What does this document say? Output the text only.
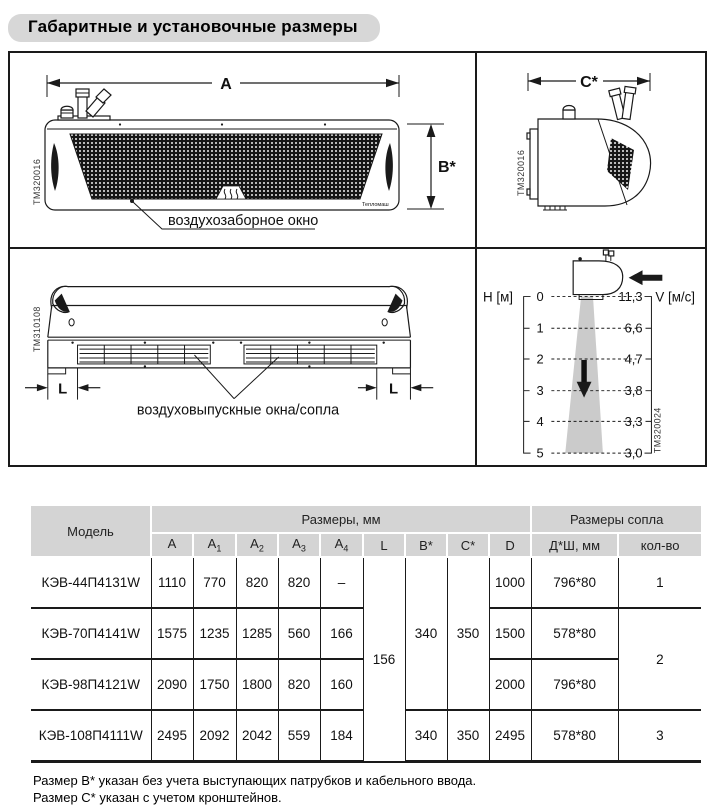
Габаритные и установочные размеры
A
Тепломаш
B*
TM320016
воздухозаборное окно
C*
TM320016
L	L
TM310108
воздуховыпускные окна/сопла
H [м] 0
1
2
3
4
5
V [м/с]
11,3
6,6
4,7
3,8
3,3
3,0 TM320024
Модель	Размеры, мм									Размеры сопла	
	A	$A_1$	$A_2$	$A_3$	$A_4$	L	B*	C*	D	Д*Ш, мм	кол-во
КЭВ-44П4131W	1110	770	820	820	–	156	340	350	1000	796*80	1
КЭВ-70П4141W	1575	1235	1285	560	166				1500	578*80	2
КЭВ-98П4121W	2090	1750	1800	820	160				2000	796*80	
КЭВ-108П4111W	2495	2092	2042	559	184		340	350	2495	578*80	3

Размер B* указан без учета выступающих патрубков и кабельного ввода.

Размер C* указан с учетом кронштейнов.
